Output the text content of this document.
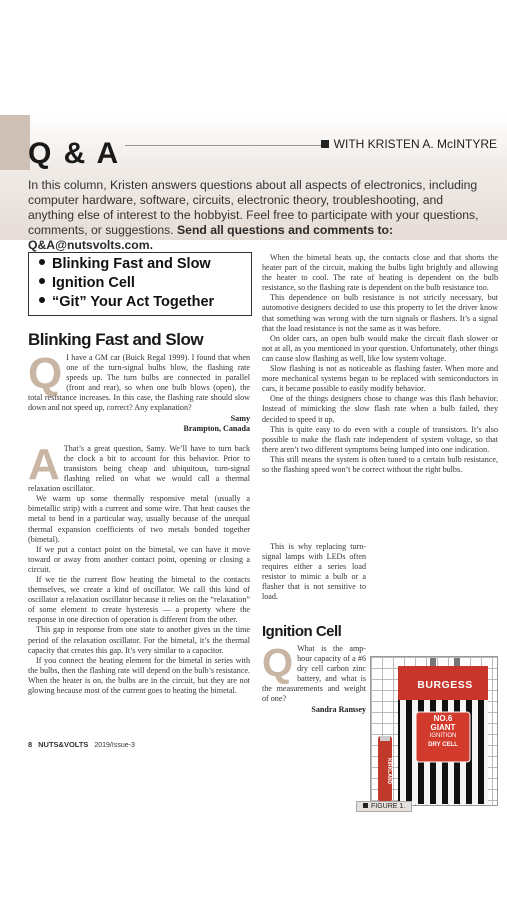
Q & A	WITH KRISTEN A. McINTYRE
In this column, Kristen answers questions about all aspects of electronics, including computer hardware, software, circuits, electronic theory, troubleshooting, and anything else of interest to the hobbyist. Feel free to participate with your questions, comments, or suggestions. Send all questions and comments to: Q&A@nutsvolts.com.
Blinking Fast and Slow
Ignition Cell
“Git” Your Act Together
Blinking Fast and Slow

Q I have a GM car (Buick Regal 1999). I found that when one of the turn-signal bulbs blow, the flashing rate speeds up. The turn bulbs are connected in parallel (front and rear), so when one bulb blows (open), the total resistance increases. In this case, the flashing rate should slow down and not speed up, correct? Any explanation?

Samy

Brampton, Canada

A That’s a great question, Samy. We’ll have to turn back the clock a bit to account for this behavior. Prior to transistors being cheap and ubiquitous, turn-signal flashing relied on what we would call a thermal relaxation oscillator.

We warm up some thermally responsive metal (usually a bimetallic strip) with a current and some wire. That heat causes the metal to bend in a particular way, usually because of the unequal thermal expansion coefficients of two metals bonded together (bimetal).

If we put a contact point on the bimetal, we can have it move toward or away from another contact point, opening or closing a circuit.

If we tie the current flow heating the bimetal to the contacts themselves, we create a kind of oscillator. We call this kind of oscillator a relaxation oscillator because it relies on the “relaxation” of some element to create hysteresis — a property where the response in one direction of operation is different from the other.

This gap in response from one state to another gives us the time period of the relaxation oscillator. For the bimetal, it’s the thermal capacity that creates this gap. It’s very similar to a capacitor.

If you connect the heating element for the bimetal in series with the bulbs, then the flashing rate will depend on the bulb’s resistance. When the heater is on, the bulbs are in the circuit, but they are not glowing because most of the current goes to heating the bimetal.

8 NUTS&VOLTS 2019/Issue-3

When the bimetal heats up, the contacts close and that shorts the heater part of the circuit, making the bulbs light brightly and allowing the heater to cool. The rate of heating is dependent on the bulb resistance, so the flashing rate is dependent on the bulb resistance too.

This dependence on bulb resistance is not strictly necessary, but automotive designers decided to use this property to let the driver know that something was wrong with the turn signals or flashers. It’s a signal that the load resistance is not the same as it was before.

On older cars, an open bulb would make the circuit flash slower or not at all, as you mentioned in your question. Unfortunately, other things can cause slow flashing as well, like low system voltage.

Slow flashing is not as noticeable as flashing faster. When more and more mechanical systems began to be replaced with semiconductors in cars, it became possible to easily modify behavior.

One of the things designers chose to change was this flash behavior. Instead of mimicking the slow flash rate when a bulb failed, they decided to speed it up.

This is quite easy to do even with a couple of transistors. It’s also possible to make the flash rate independent of system voltage, so that there aren’t two different symptoms being lumped into one indication.

This still means the system is often tuned to a certain bulb resistance, so the flashing speed won’t be correct without the right bulbs.

This is why replacing turn-signal lamps with LEDs often requires either a series load resistor to mimic a bulb or a flasher that is not sensitive to load.

Ignition Cell

Q What is the amp-hour capacity of a #6 dry cell carbon zinc battery, and what is the measurements and weight of one?

Sandra Ramsey

BURGESS
NO.6
GIANT
IGNITION
DRY CELL
KIRKLAND
FIGURE 1.
